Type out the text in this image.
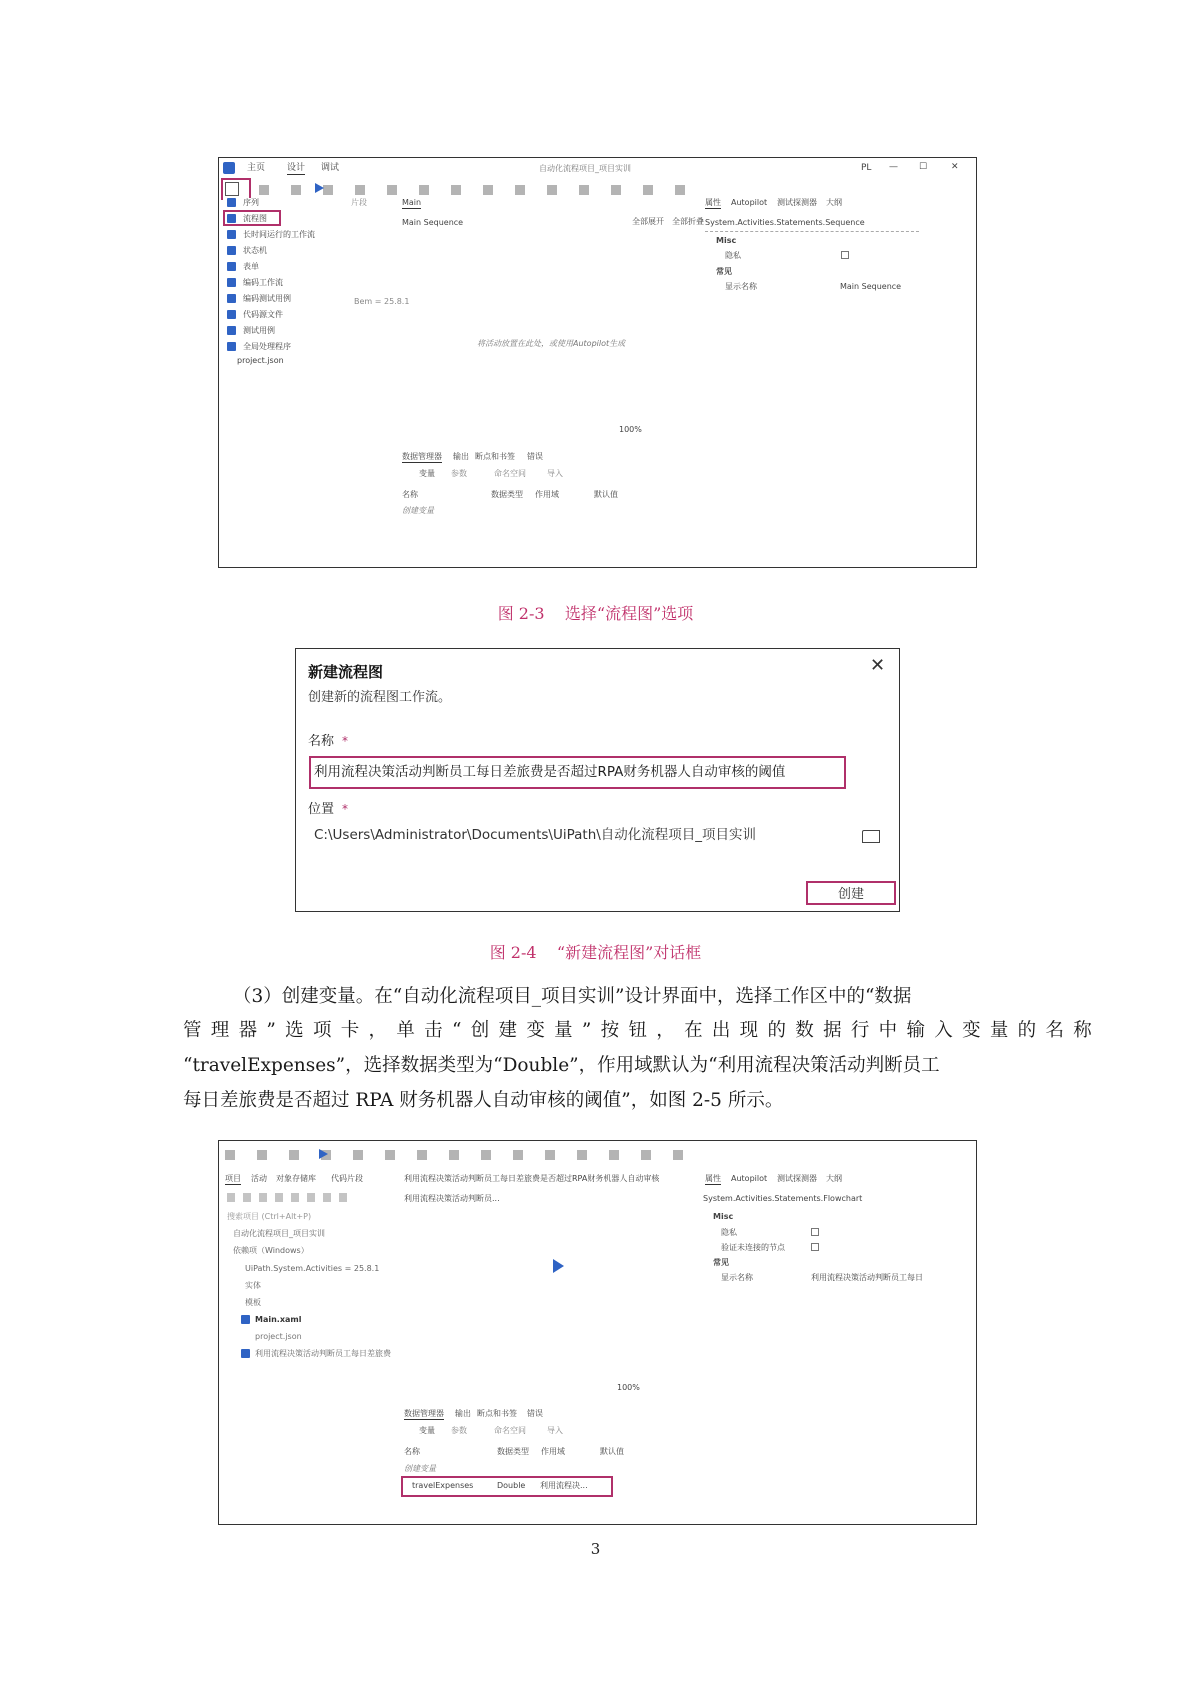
主页 设计 调试	自动化流程项目_项目实训	PL — ☐	✕
序列
流程图
长时间运行的工作流
状态机
表单
编码工作流
编码测试用例
代码源文件
测试用例
全局处理程序
project.json
片段
Bem = 25.8.1
Main
Main Sequence	全部展开 全部折叠
将活动放置在此处，或使用Autopilot生成
100%
数据管理器 输出 断点和书签 错误
变量 参数	命名空间	导入
名称	数据类型 作用域	默认值
创建变量
属性 Autopilot 测试探测器 大纲
System.Activities.Statements.Sequence
Misc
隐私
常见
显示名称	Main Sequence
图 2-3    选择“流程图”选项
新建流程图	✕
创建新的流程图工作流。
名称 *
利用流程决策活动判断员工每日差旅费是否超过RPA财务机器人自动审核的阈值
位置 *
C:\Users\Administrator\Documents\UiPath\自动化流程项目_项目实训
创建
图 2-4    “新建流程图”对话框
（3）创建变量。在“自动化流程项目_项目实训”设计界面中，选择工作区中的“数据
管理器”选项卡，单击“创建变量”按钮，在出现的数据行中输入变量的名称
“travelExpenses”，选择数据类型为“Double”，作用域默认为“利用流程决策活动判断员工
每日差旅费是否超过 RPA 财务机器人自动审核的阈值”，如图 2-5 所示。
项目 活动 对象存储库 代码片段
搜索项目 (Ctrl+Alt+P)
自动化流程项目_项目实训
依赖项（Windows）
UiPath.System.Activities = 25.8.1
实体
模板
Main.xaml
project.json
利用流程决策活动判断员工每日差旅费
利用流程决策活动判断员工每日差旅费是否超过RPA财务机器人自动审核
利用流程决策活动判断员...
100%
数据管理器 输出 断点和书签 错误
变量 参数	命名空间	导入
名称	数据类型 作用域	默认值
创建变量
travelExpenses	Double 利用流程决...
属性 Autopilot 测试探测器 大纲
System.Activities.Statements.Flowchart
Misc
隐私
验证未连接的节点
常见
显示名称	利用流程决策活动判断员工每日
3
